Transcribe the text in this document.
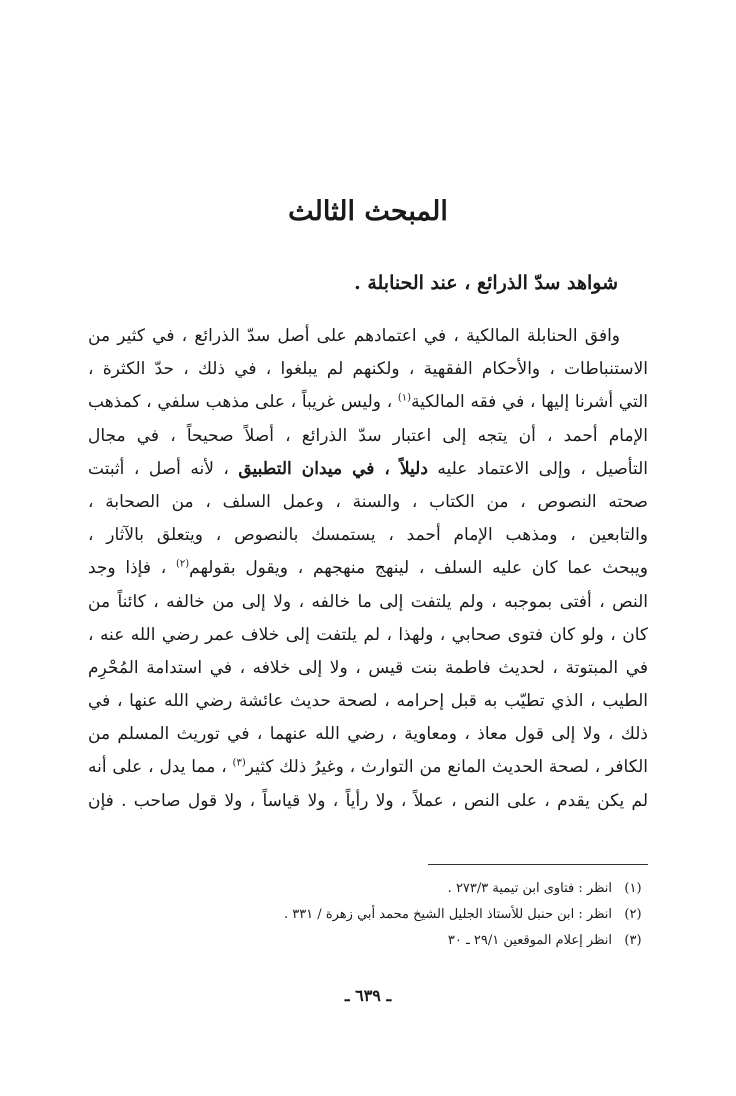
المبحث الثالث
شواهد سدّ الذرائع ، عند الحنابلة .
وافق الحنابلة المالكية ، في اعتمادهم على أصل سدّ الذرائع ، في كثير من
الاستنباطات ، والأحكام الفقهية ، ولكنهم لم يبلغوا ، في ذلك ، حدّ الكثرة ،
التي أشرنا إليها ، في فقه المالكية$^{(١)}$ ، وليس غريباً ، على مذهب سلفي ، كمذهب
الإمام أحمد ، أن يتجه إلى اعتبار سدّ الذرائع ، أصلاً صحيحاً ، في مجال
التأصيل ، وإلى الاعتماد عليه دليلاً ، في ميدان التطبيق ، لأنه أصل ، أثبتت
صحته النصوص ، من الكتاب ، والسنة ، وعمل السلف ، من الصحابة ،
والتابعين ، ومذهب الإمام أحمد ، يستمسك بالنصوص ، ويتعلق بالآثار ،
ويبحث عما كان عليه السلف ، لينهج منهجهم ، ويقول بقولهم$^{(٢)}$ ، فإذا وجد
النص ، أفتى بموجبه ، ولم يلتفت إلى ما خالفه ، ولا إلى من خالفه ، كائناً من
كان ، ولو كان فتوى صحابي ، ولهذا ، لم يلتفت إلى خلاف عمر رضي الله عنه ،
في المبتوتة ، لحديث فاطمة بنت قيس ، ولا إلى خلافه ، في استدامة المُحْرِم
الطيب ، الذي تطيّب به قبل إحرامه ، لصحة حديث عائشة رضي الله عنها ، في
ذلك ، ولا إلى قول معاذ ، ومعاوية ، رضي الله عنهما ، في توريث المسلم من
الكافر ، لصحة الحديث المانع من التوارث ، وغيرُ ذلك كثير$^{(٣)}$ ، مما يدل ، على أنه
لم يكن يقدم ، على النص ، عملاً ، ولا رأياً ، ولا قياساً ، ولا قول صاحب . فإن
(١)
انظر : فتاوى ابن تيمية ٢٧٣/٣ .
(٢)
انظر : ابن حنبل للأستاذ الجليل الشيخ محمد أبي زهرة / ٣٣١ .
(٣)
انظر إعلام الموقعين ٢٩/١ ـ ٣٠
ـ ٦٣٩ ـ
